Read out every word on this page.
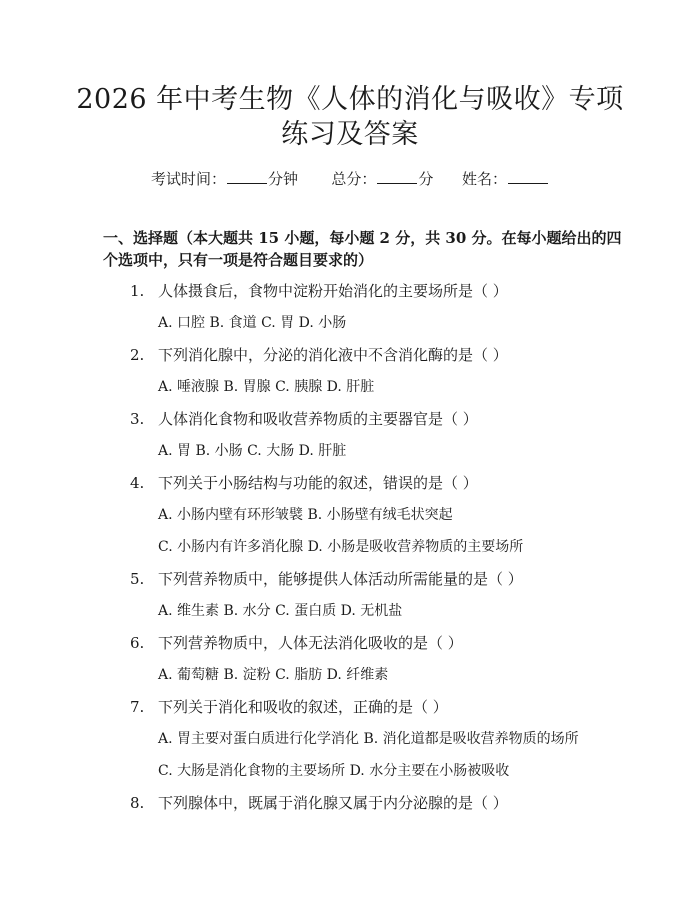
2026 年中考生物《人体的消化与吸收》专项
练习及答案
考试时间：	分钟 总分：	分 姓名：
一、选择题（本大题共 15 小题，每小题 2 分，共 30 分。在每小题给出的四个选项中，只有一项是符合题目要求的）
1. 人体摄食后，食物中淀粉开始消化的主要场所是（ ）
A. 口腔 B. 食道 C. 胃 D. 小肠
2. 下列消化腺中，分泌的消化液中不含消化酶的是（ ）
A. 唾液腺 B. 胃腺 C. 胰腺 D. 肝脏
3. 人体消化食物和吸收营养物质的主要器官是（ ）
A. 胃 B. 小肠 C. 大肠 D. 肝脏
4. 下列关于小肠结构与功能的叙述，错误的是（ ）
A. 小肠内壁有环形皱襞 B. 小肠壁有绒毛状突起
C. 小肠内有许多消化腺 D. 小肠是吸收营养物质的主要场所
5. 下列营养物质中，能够提供人体活动所需能量的是（ ）
A. 维生素 B. 水分 C. 蛋白质 D. 无机盐
6. 下列营养物质中，人体无法消化吸收的是（ ）
A. 葡萄糖 B. 淀粉 C. 脂肪 D. 纤维素
7. 下列关于消化和吸收的叙述，正确的是（ ）
A. 胃主要对蛋白质进行化学消化 B. 消化道都是吸收营养物质的场所
C. 大肠是消化食物的主要场所 D. 水分主要在小肠被吸收
8. 下列腺体中，既属于消化腺又属于内分泌腺的是（ ）
